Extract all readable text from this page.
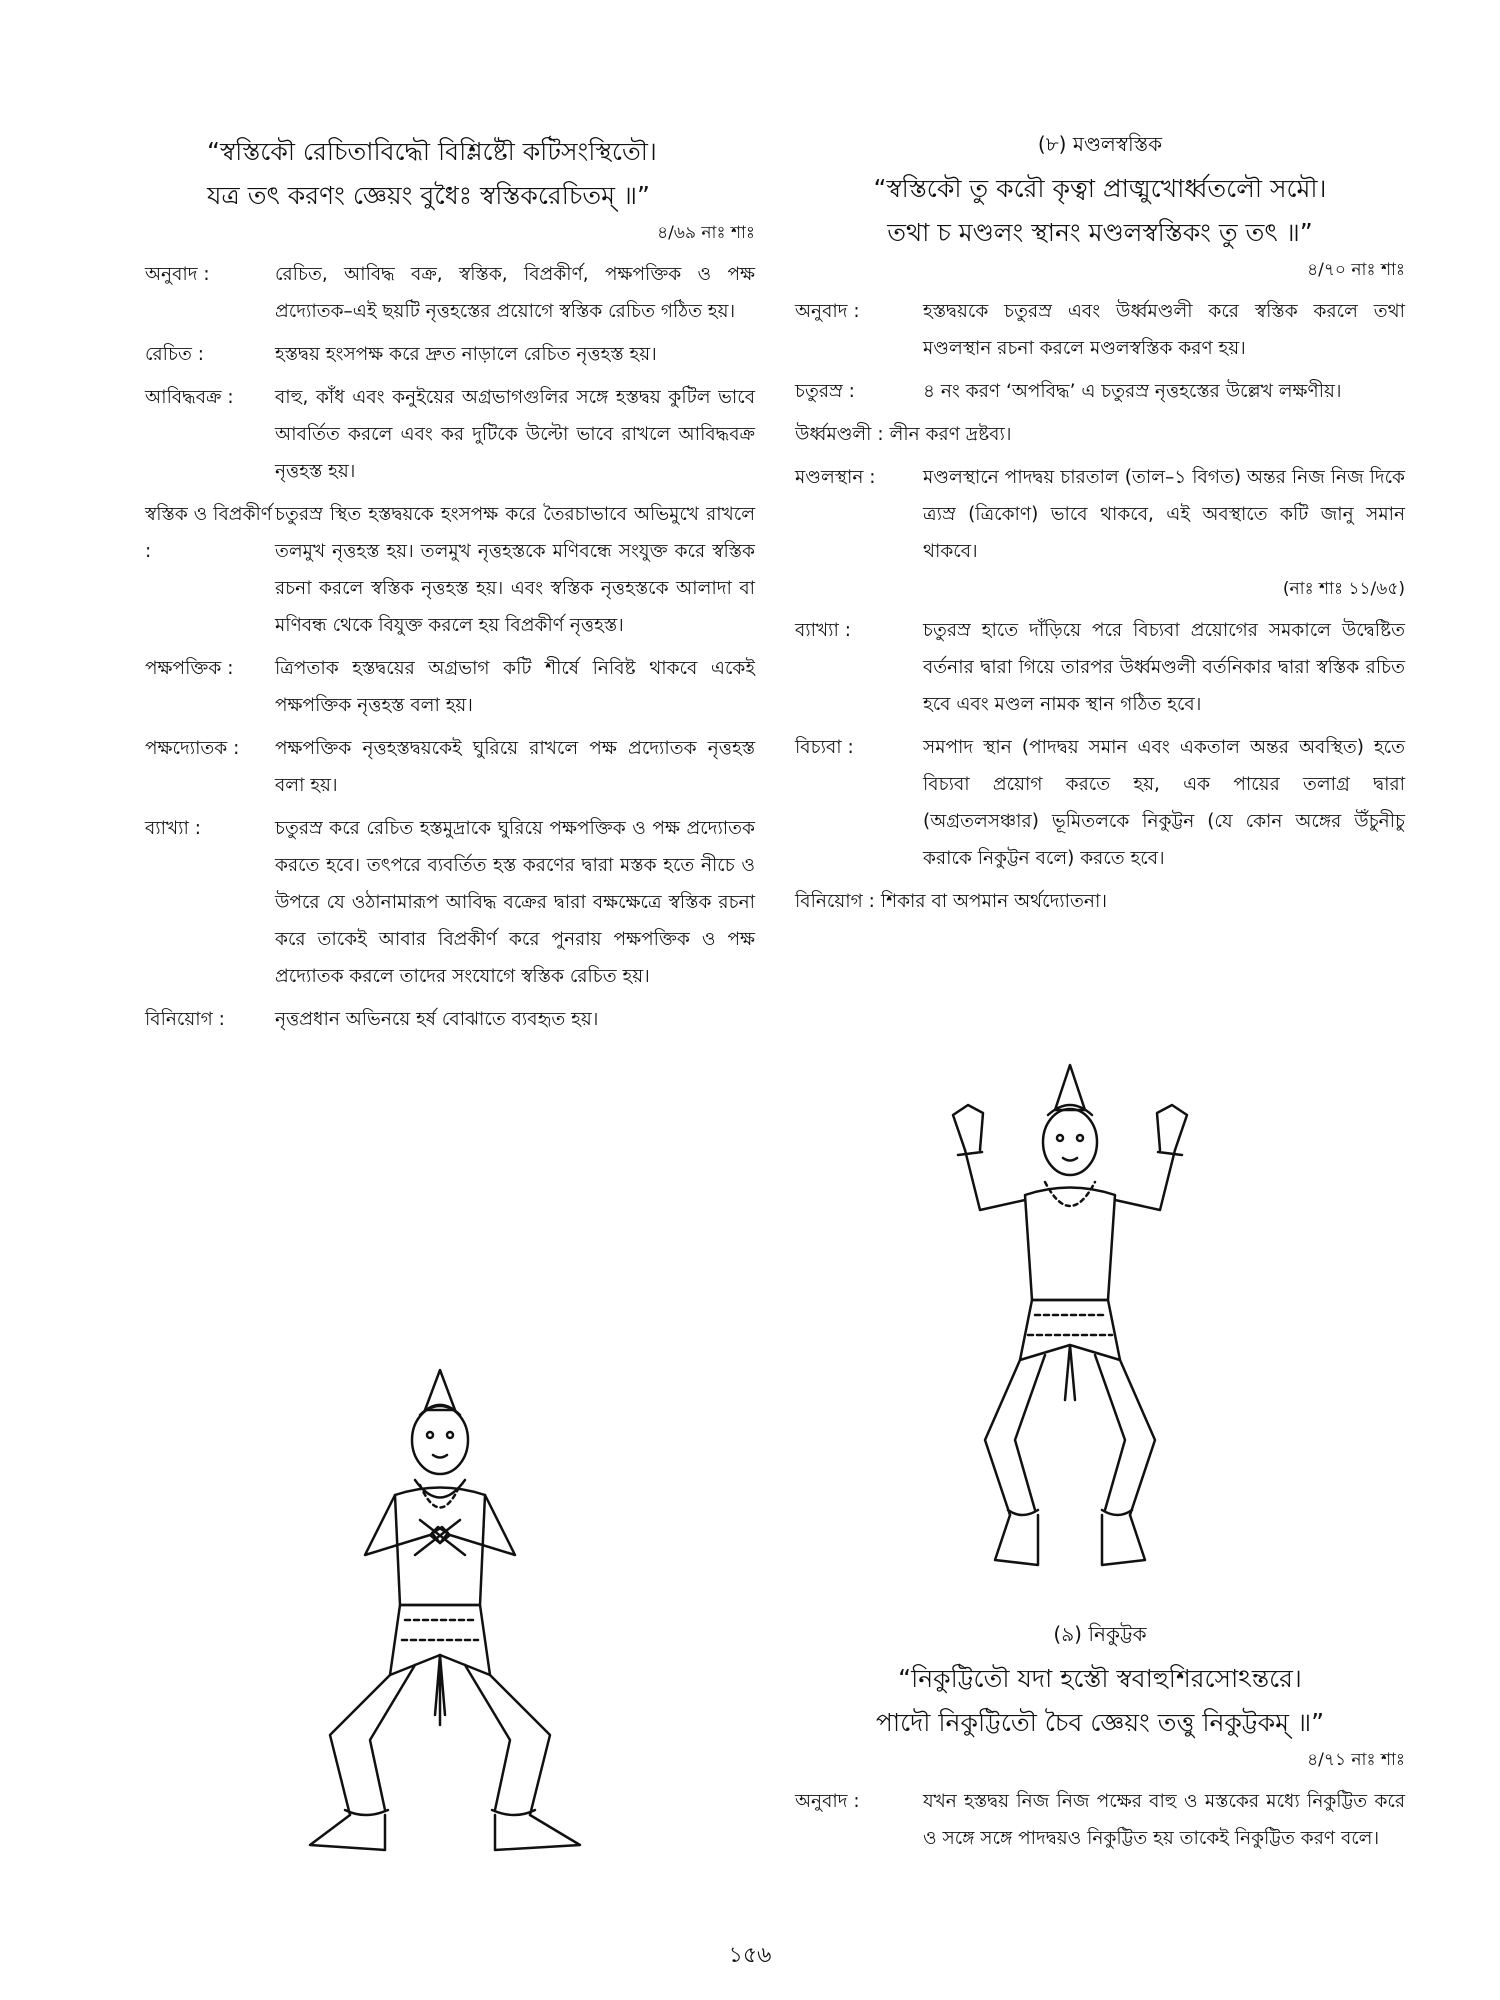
“স্বস্তিকৌ রেচিতাবিদ্ধৌ বিশ্লিষ্টৌ কটিসংস্থিতৌ।

যত্র তৎ করণং জ্ঞেয়ং বুধৈঃ স্বস্তিকরেচিতম্‌ ॥”

৪/৬৯ নাঃ শাঃ
অনুবাদ :	রেচিত, আবিদ্ধ বক্র, স্বস্তিক, বিপ্রকীর্ণ, পক্ষপক্তিক ও পক্ষ প্রদ্যোতক–এই ছয়টি নৃত্তহস্তের প্রয়োগে স্বস্তিক রেচিত গঠিত হয়।
রেচিত :	হস্তদ্বয় হংসপক্ষ করে দ্রুত নাড়ালে রেচিত নৃত্তহস্ত হয়।
আবিদ্ধবক্র :	বাহু, কাঁধ এবং কনুইয়ের অগ্রভাগগুলির সঙ্গে হস্তদ্বয় কুটিল ভাবে আবর্তিত করলে এবং কর দুটিকে উল্টো ভাবে রাখলে আবিদ্ধবক্র নৃত্তহস্ত হয়।
স্বস্তিক ও বিপ্রকীর্ণ :
চতুরস্র স্থিত হস্তদ্বয়কে হংসপক্ষ করে তৈরচাভাবে অভিমুখে রাখলে তলমুখ নৃত্তহস্ত হয়। তলমুখ নৃত্তহস্তকে মণিবন্ধে সংযুক্ত করে স্বস্তিক রচনা করলে স্বস্তিক নৃত্তহস্ত হয়। এবং স্বস্তিক নৃত্তহস্তকে আলাদা বা মণিবন্ধ থেকে বিযুক্ত করলে হয় বিপ্রকীর্ণ নৃত্তহস্ত।
পক্ষপক্তিক :	ত্রিপতাক হস্তদ্বয়ের অগ্রভাগ কটি শীর্ষে নিবিষ্ট থাকবে একেই পক্ষপক্তিক নৃত্তহস্ত বলা হয়।
পক্ষদ্যোতক :	পক্ষপক্তিক নৃত্তহস্তদ্বয়কেই ঘুরিয়ে রাখলে পক্ষ প্রদ্যোতক নৃত্তহস্ত বলা হয়।
ব্যাখ্যা :	চতুরস্র করে রেচিত হস্তমুদ্রাকে ঘুরিয়ে পক্ষপক্তিক ও পক্ষ প্রদ্যোতক করতে হবে। তৎপরে ব্যবর্তিত হস্ত করণের দ্বারা মস্তক হতে নীচে ও উপরে যে ওঠানামারূপ আবিদ্ধ বক্রের দ্বারা বক্ষক্ষেত্রে স্বস্তিক রচনা করে তাকেই আবার বিপ্রকীর্ণ করে পুনরায় পক্ষপক্তিক ও পক্ষ প্রদ্যোতক করলে তাদের সংযোগে স্বস্তিক রেচিত হয়।
বিনিয়োগ :	নৃত্তপ্রধান অভিনয়ে হর্ষ বোঝাতে ব্যবহৃত হয়।
(৮) মণ্ডলস্বস্তিক

“স্বস্তিকৌ তু করৌ কৃত্বা প্রাঙ্মুখোর্ধ্বতলৌ সমৌ।

তথা চ মণ্ডলং স্থানং মণ্ডলস্বস্তিকং তু তৎ ॥”

৪/৭০ নাঃ শাঃ
অনুবাদ :	হস্তদ্বয়কে চতুরস্র এবং উর্ধ্বমণ্ডলী করে স্বস্তিক করলে তথা মণ্ডলস্থান রচনা করলে মণ্ডলস্বস্তিক করণ হয়।
চতুরস্র :	৪ নং করণ ‘অপবিদ্ধ’ এ চতুরস্র নৃত্তহস্তের উল্লেখ লক্ষণীয়।
উর্ধ্বমণ্ডলী : লীন করণ দ্রষ্টব্য।
মণ্ডলস্থান :	মণ্ডলস্থানে পাদদ্বয় চারতাল (তাল–১ বিগত) অন্তর নিজ নিজ দিকে ত্র্যস্র (ত্রিকোণ) ভাবে থাকবে, এই অবস্থাতে কটি জানু সমান থাকবে।
(নাঃ শাঃ ১১/৬৫)
ব্যাখ্যা :	চতুরস্র হাতে দাঁড়িয়ে পরে বিচ্যবা প্রয়োগের সমকালে উদ্বেষ্টিত বর্তনার দ্বারা গিয়ে তারপর উর্ধ্বমণ্ডলী বর্তনিকার দ্বারা স্বস্তিক রচিত হবে এবং মণ্ডল নামক স্থান গঠিত হবে।
বিচ্যবা :	সমপাদ স্থান (পাদদ্বয় সমান এবং একতাল অন্তর অবস্থিত) হতে বিচ্যবা প্রয়োগ করতে হয়, এক পায়ের তলাগ্র দ্বারা (অগ্রতলসঞ্চার) ভূমিতলকে নিকুট্টন (যে কোন অঙ্গের উঁচুনীচু করাকে নিকুট্টন বলে) করতে হবে।
বিনিয়োগ : শিকার বা অপমান অর্থদ্যোতনা।
(৯) নিকুট্টক

“নিকুট্টিতৌ যদা হস্তৌ স্ববাহুশিরসোঽন্তরে।

পাদৌ নিকুট্টিতৌ চৈব জ্ঞেয়ং তত্তু নিকুট্টকম্‌ ॥”

৪/৭১ নাঃ শাঃ
অনুবাদ :	যখন হস্তদ্বয় নিজ নিজ পক্ষের বাহু ও মস্তকের মধ্যে নিকুট্টিত করে ও সঙ্গে সঙ্গে পাদদ্বয়ও নিকুট্টিত হয় তাকেই নিকুট্টিত করণ বলে।
১৫৬
